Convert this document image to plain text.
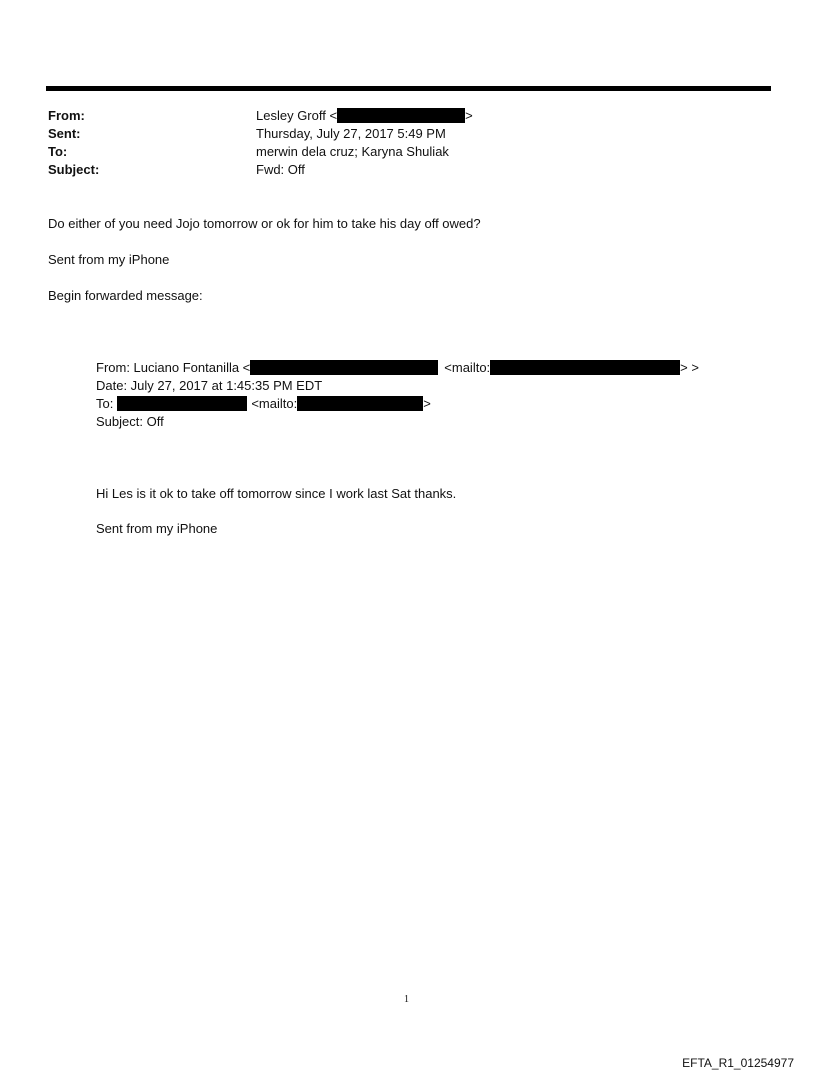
From:	Lesley Groff <	>
Sent:	Thursday, July 27, 2017 5:49 PM
To:	merwin dela cruz; Karyna Shuliak
Subject:	Fwd: Off
Do either of you need Jojo tomorrow or ok for him to take his day off owed?
Sent from my iPhone
Begin forwarded message:
From: Luciano Fontanilla <	<mailto:	> >
Date: July 27, 2017 at 1:45:35 PM EDT
To:	<mailto:	>
Subject: Off
Hi Les is it ok to take off tomorrow since I work last Sat thanks.
Sent from my iPhone
1
EFTA_R1_01254977
